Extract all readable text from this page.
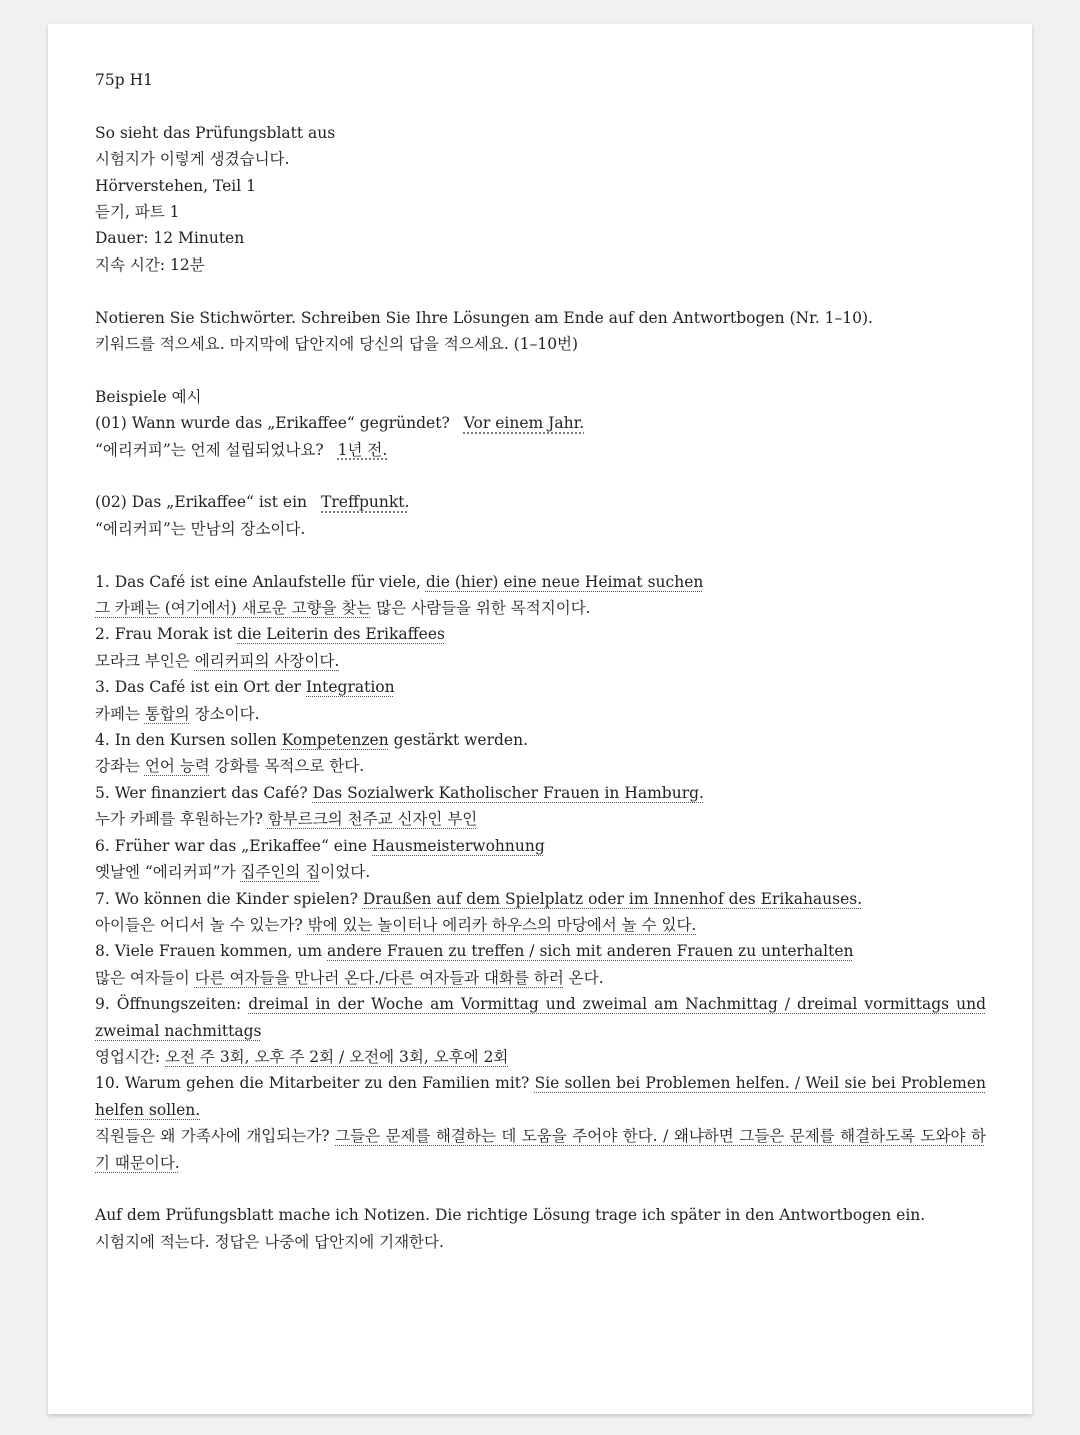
75p H1
So sieht das Prüfungsblatt aus
시험지가 이렇게 생겼습니다.
Hörverstehen, Teil 1
듣기, 파트 1
Dauer: 12 Minuten
지속 시간: 12분
Notieren Sie Stichwörter. Schreiben Sie Ihre Lösungen am Ende auf den Antwortbogen (Nr. 1–10).
키워드를 적으세요. 마지막에 답안지에 당신의 답을 적으세요. (1–10번)
Beispiele 예시
(01) Wann wurde das „Erikaffee“ gegründet? Vor einem Jahr.
“에리커피”는 언제 설립되었나요? 1년 전.
(02) Das „Erikaffee“ ist ein Treffpunkt.
“에리커피”는 만남의 장소이다.
1. Das Café ist eine Anlaufstelle für viele, die (hier) eine neue Heimat suchen
그 카페는 (여기에서) 새로운 고향을 찾는 많은 사람들을 위한 목적지이다.
2. Frau Morak ist die Leiterin des Erikaffees
모라크 부인은 에리커피의 사장이다.
3. Das Café ist ein Ort der Integration
카페는 통합의 장소이다.
4. In den Kursen sollen Kompetenzen gestärkt werden.
강좌는 언어 능력 강화를 목적으로 한다.
5. Wer finanziert das Café? Das Sozialwerk Katholischer Frauen in Hamburg.
누가 카페를 후원하는가? 함부르크의 천주교 신자인 부인
6. Früher war das „Erikaffee“ eine Hausmeisterwohnung
옛날엔 “에리커피”가 집주인의 집이었다.
7. Wo können die Kinder spielen? Draußen auf dem Spielplatz oder im Innenhof des Erikahauses.
아이들은 어디서 놀 수 있는가? 밖에 있는 놀이터나 에리카 하우스의 마당에서 놀 수 있다.
8. Viele Frauen kommen, um andere Frauen zu treffen / sich mit anderen Frauen zu unterhalten
많은 여자들이 다른 여자들을 만나러 온다./다른 여자들과 대화를 하러 온다.
9. Öffnungszeiten: dreimal in der Woche am Vormittag und zweimal am Nachmittag / dreimal vormittags und zweimal nachmittags
영업시간: 오전 주 3회, 오후 주 2회 / 오전에 3회, 오후에 2회
10. Warum gehen die Mitarbeiter zu den Familien mit? Sie sollen bei Problemen helfen. / Weil sie bei Problemen helfen sollen.
직원들은 왜 가족사에 개입되는가? 그들은 문제를 해결하는 데 도움을 주어야 한다. / 왜냐하면 그들은 문제를 해결하도록 도와야 하기 때문이다.
Auf dem Prüfungsblatt mache ich Notizen. Die richtige Lösung trage ich später in den Antwortbogen ein.
시험지에 적는다. 정답은 나중에 답안지에 기재한다.
